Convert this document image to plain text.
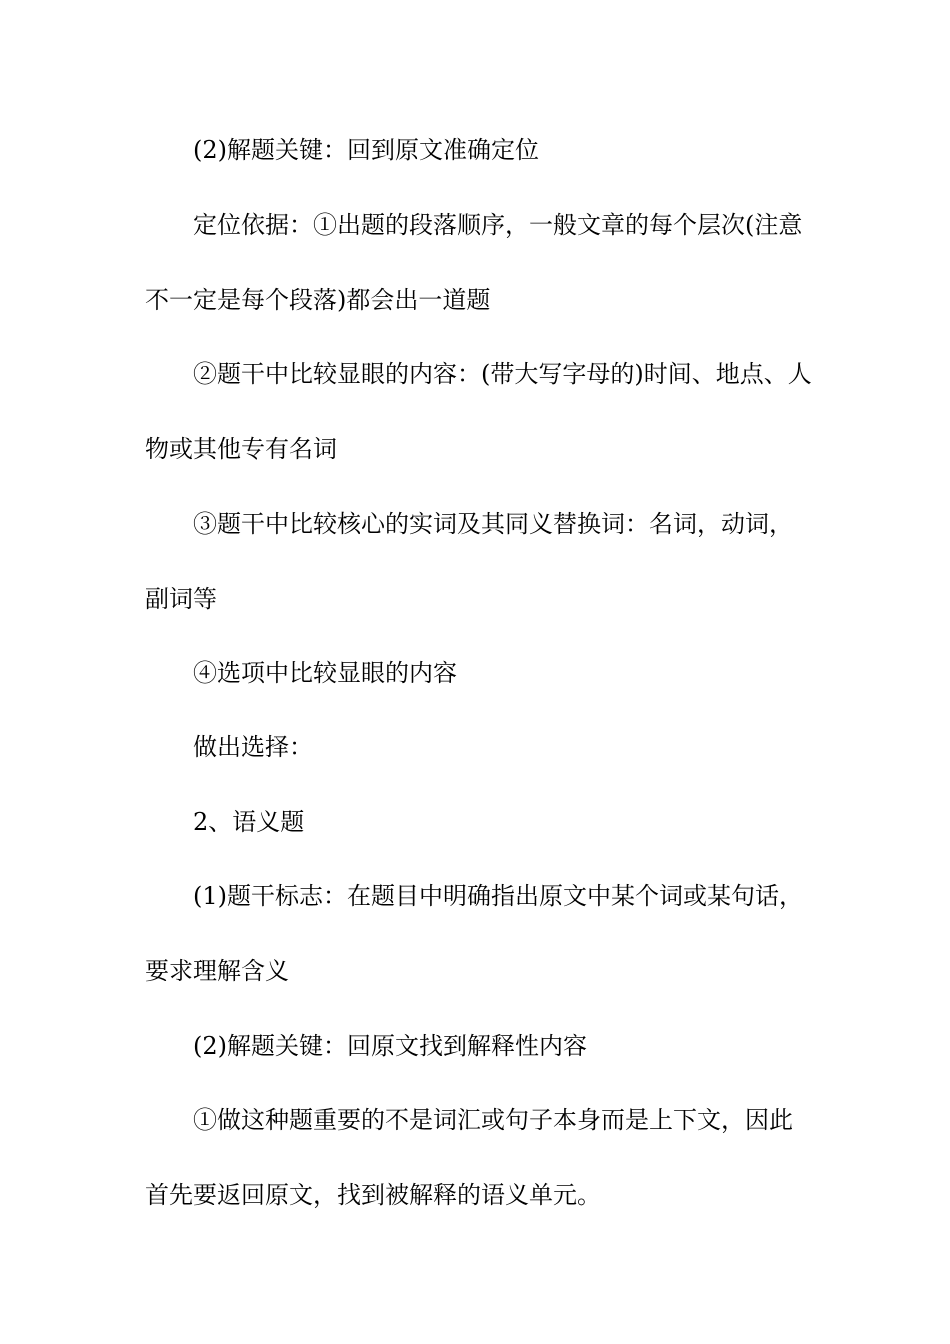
(2)解题关键：回到原文准确定位

定位依据：①出题的段落顺序，一般文章的每个层次(注意不一定是每个段落)都会出一道题

②题干中比较显眼的内容：(带大写字母的)时间、地点、人物或其他专有名词

③题干中比较核心的实词及其同义替换词：名词，动词，副词等

④选项中比较显眼的内容

做出选择：

2、语义题

(1)题干标志：在题目中明确指出原文中某个词或某句话，要求理解含义

(2)解题关键：回原文找到解释性内容

①做这种题重要的不是词汇或句子本身而是上下文，因此首先要返回原文，找到被解释的语义单元。
